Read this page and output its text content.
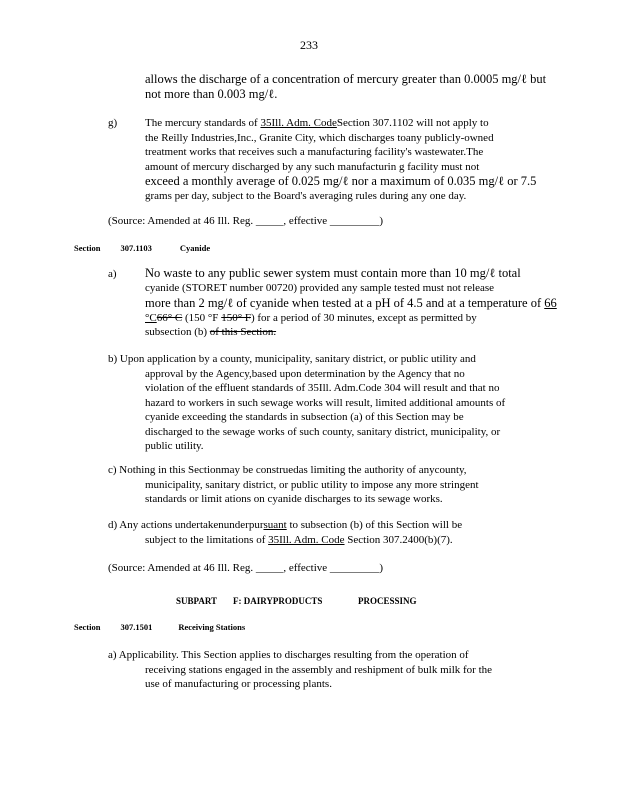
233
allows the discharge of a concentration of mercury greater than 0.0005 mg/ℓ but
not more than 0.003 mg/ℓ.
g)	The mercury standards of 35Ill. Adm. CodeSection 307.1102 will not apply to
the Reilly Industries,Inc., Granite City, which discharges toany publicly-owned
treatment works that receives such a manufacturing facility's wastewater.The
amount of mercury discharged by any such manufacturin g facility must not
exceed a monthly average of 0.025 mg/ℓ nor a maximum of 0.035 mg/ℓ or 7.5
grams per day, subject to the Board's averaging rules during any one day.
(Source: Amended at 46 Ill. Reg. _____, effective _________)
Section 307.1103	Cyanide
a) No waste to any public sewer system must contain more than 10 mg/ℓ total
cyanide (STORET number 00720) provided any sample tested must not release
more than 2 mg/ℓ of cyanide when tested at a pH of 4.5 and at a temperature of 66
°C66° C (150 °F 150° F) for a period of 30 minutes, except as permitted by
subsection (b) of this Section.
b) Upon application by a county, municipality, sanitary district, or public utility and
approval by the Agency,based upon determination by the Agency that no
violation of the effluent standards of 35Ill. Adm.Code 304 will result and that no
hazard to workers in such sewage works will result, limited additional amounts of
cyanide exceeding the standards in subsection (a) of this Section may be
discharged to the sewage works of such county, sanitary district, municipality, or
public utility.
c) Nothing in this Sectionmay be construedas limiting the authority of anycounty,
municipality, sanitary district, or public utility to impose any more stringent
standards or limit ations on cyanide discharges to its sewage works.
d) Any actions undertakenunderpursuant to subsection (b) of this Section will be
subject to the limitations of 35Ill. Adm. Code Section 307.2400(b)(7).
(Source: Amended at 46 Ill. Reg. _____, effective _________)
SUBPART F: DAIRYPRODUCTS	PROCESSING
Section 307.1501	Receiving Stations
a) Applicability. This Section applies to discharges resulting from the operation of
receiving stations engaged in the assembly and reshipment of bulk milk for the
use of manufacturing or processing plants.
